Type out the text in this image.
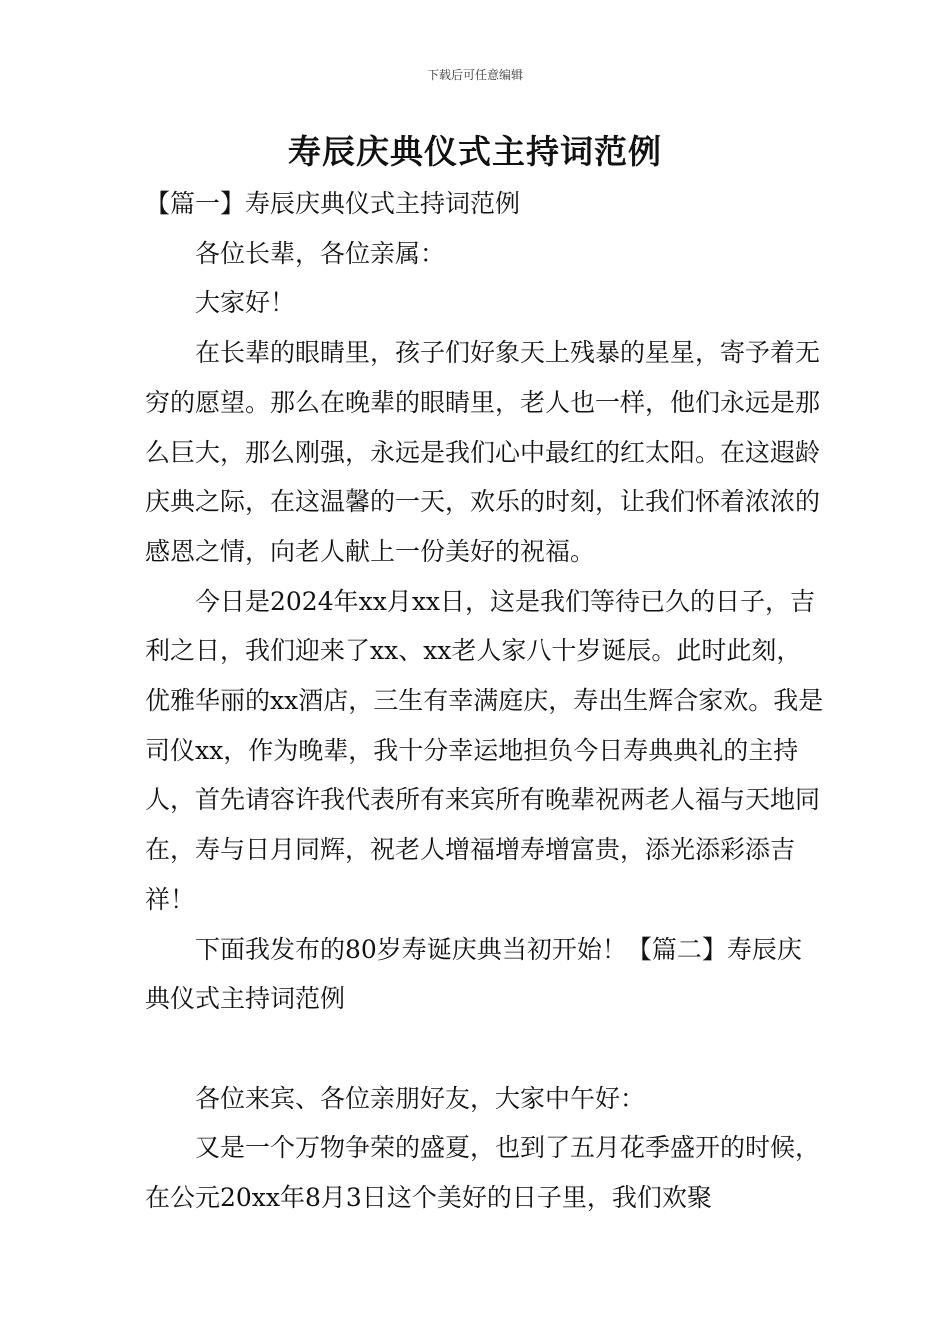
下载后可任意编辑
寿辰庆典仪式主持词范例

【篇一】寿辰庆典仪式主持词范例

各位长辈，各位亲属：

大家好！

在长辈的眼睛里，孩子们好象天上残暴的星星，寄予着无穷的愿望。那么在晚辈的眼睛里，老人也一样，他们永远是那么巨大，那么刚强，永远是我们心中最红的红太阳。在这遐龄庆典之际，在这温馨的一天，欢乐的时刻，让我们怀着浓浓的感恩之情，向老人献上一份美好的祝福。

今日是2024年xx月xx日，这是我们等待已久的日子，吉利之日，我们迎来了xx、xx老人家八十岁诞辰。此时此刻，优雅华丽的xx酒店，三生有幸满庭庆，寿出生辉合家欢。我是司仪xx，作为晚辈，我十分幸运地担负今日寿典典礼的主持人，首先请容许我代表所有来宾所有晚辈祝两老人福与天地同在，寿与日月同辉，祝老人增福增寿增富贵，添光添彩添吉祥！

下面我发布的80岁寿诞庆典当初开始！【篇二】寿辰庆典仪式主持词范例

各位来宾、各位亲朋好友，大家中午好：

又是一个万物争荣的盛夏，也到了五月花季盛开的时候，在公元20xx年8月3日这个美好的日子里，我们欢聚
